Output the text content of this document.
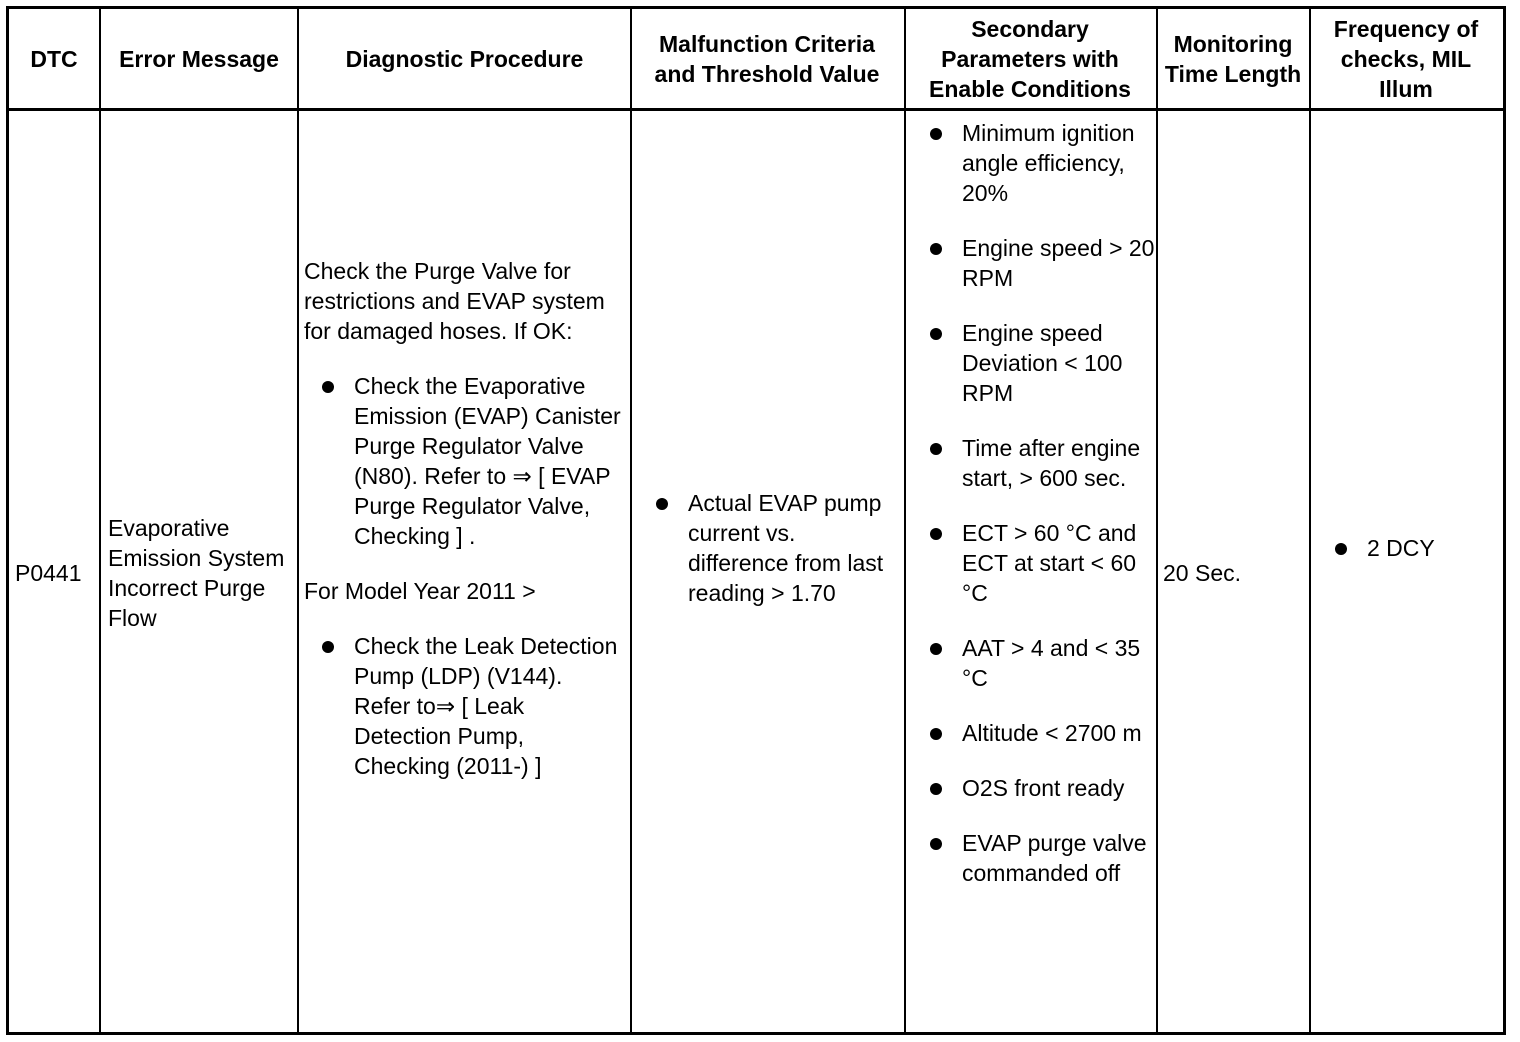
DTC	Error Message	Diagnostic Procedure
Malfunction Criteria and Threshold Value
Secondary Parameters with Enable Conditions
Monitoring Time Length
Frequency of checks, MIL Illum
P0441
Evaporative Emission System Incorrect Purge Flow

Check the Purge Valve for restrictions and EVAP system for damaged hoses. If OK:

Check the Evaporative Emission (EVAP) Canister Purge Regulator Valve (N80). Refer to ⇒ [ EVAP Purge Regulator Valve, Checking ] .

For Model Year 2011 >

Check the Leak Detection Pump (LDP) (V144). Refer to⇒ [ Leak Detection Pump, Checking (2011-) ]
Actual EVAP pump current vs. difference from last reading > 1.70
Minimum ignition angle efficiency, 20%
Engine speed > 20 RPM
Engine speed Deviation < 100 RPM
Time after engine start, > 600 sec.
ECT > 60 °C and ECT at start < 60 °C
AAT > 4 and < 35 °C
Altitude < 2700 m
O2S front ready
EVAP purge valve commanded off
20 Sec.
2 DCY
